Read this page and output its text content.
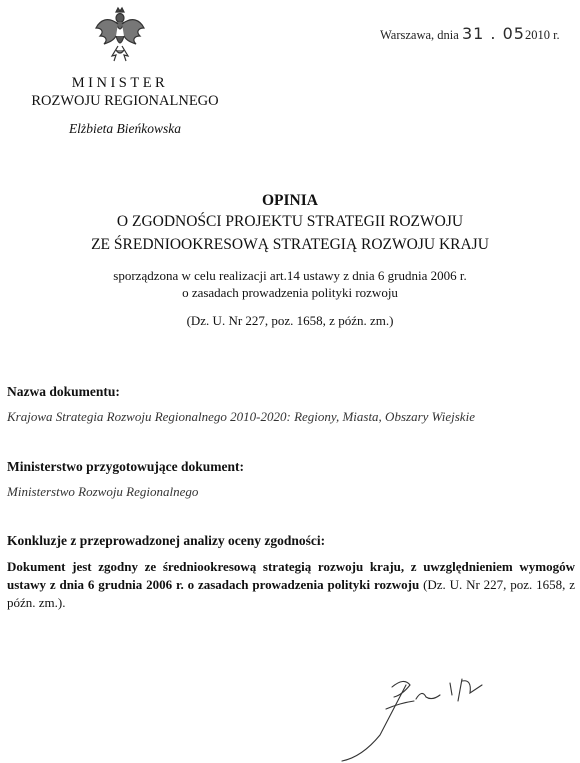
Warszawa, dnia 31 . 052010 r.
MINISTER
ROZWOJU REGIONALNEGO
Elżbieta Bieńkowska
OPINIA
O ZGODNOŚCI PROJEKTU STRATEGII ROZWOJU
ZE ŚREDNIOOKRESOWĄ STRATEGIĄ ROZWOJU KRAJU
sporządzona w celu realizacji art.14 ustawy z dnia 6 grudnia 2006 r.
o zasadach prowadzenia polityki rozwoju
(Dz. U. Nr 227, poz. 1658, z późn. zm.)
Nazwa dokumentu:
Krajowa Strategia Rozwoju Regionalnego 2010-2020: Regiony, Miasta, Obszary Wiejskie
Ministerstwo przygotowujące dokument:
Ministerstwo Rozwoju Regionalnego
Konkluzje z przeprowadzonej analizy oceny zgodności:
Dokument jest zgodny ze średniookresową strategią rozwoju kraju, z uwzględnieniem wymogów ustawy z dnia 6 grudnia 2006 r. o zasadach prowadzenia polityki rozwoju (Dz. U. Nr 227, poz. 1658, z późn. zm.).
